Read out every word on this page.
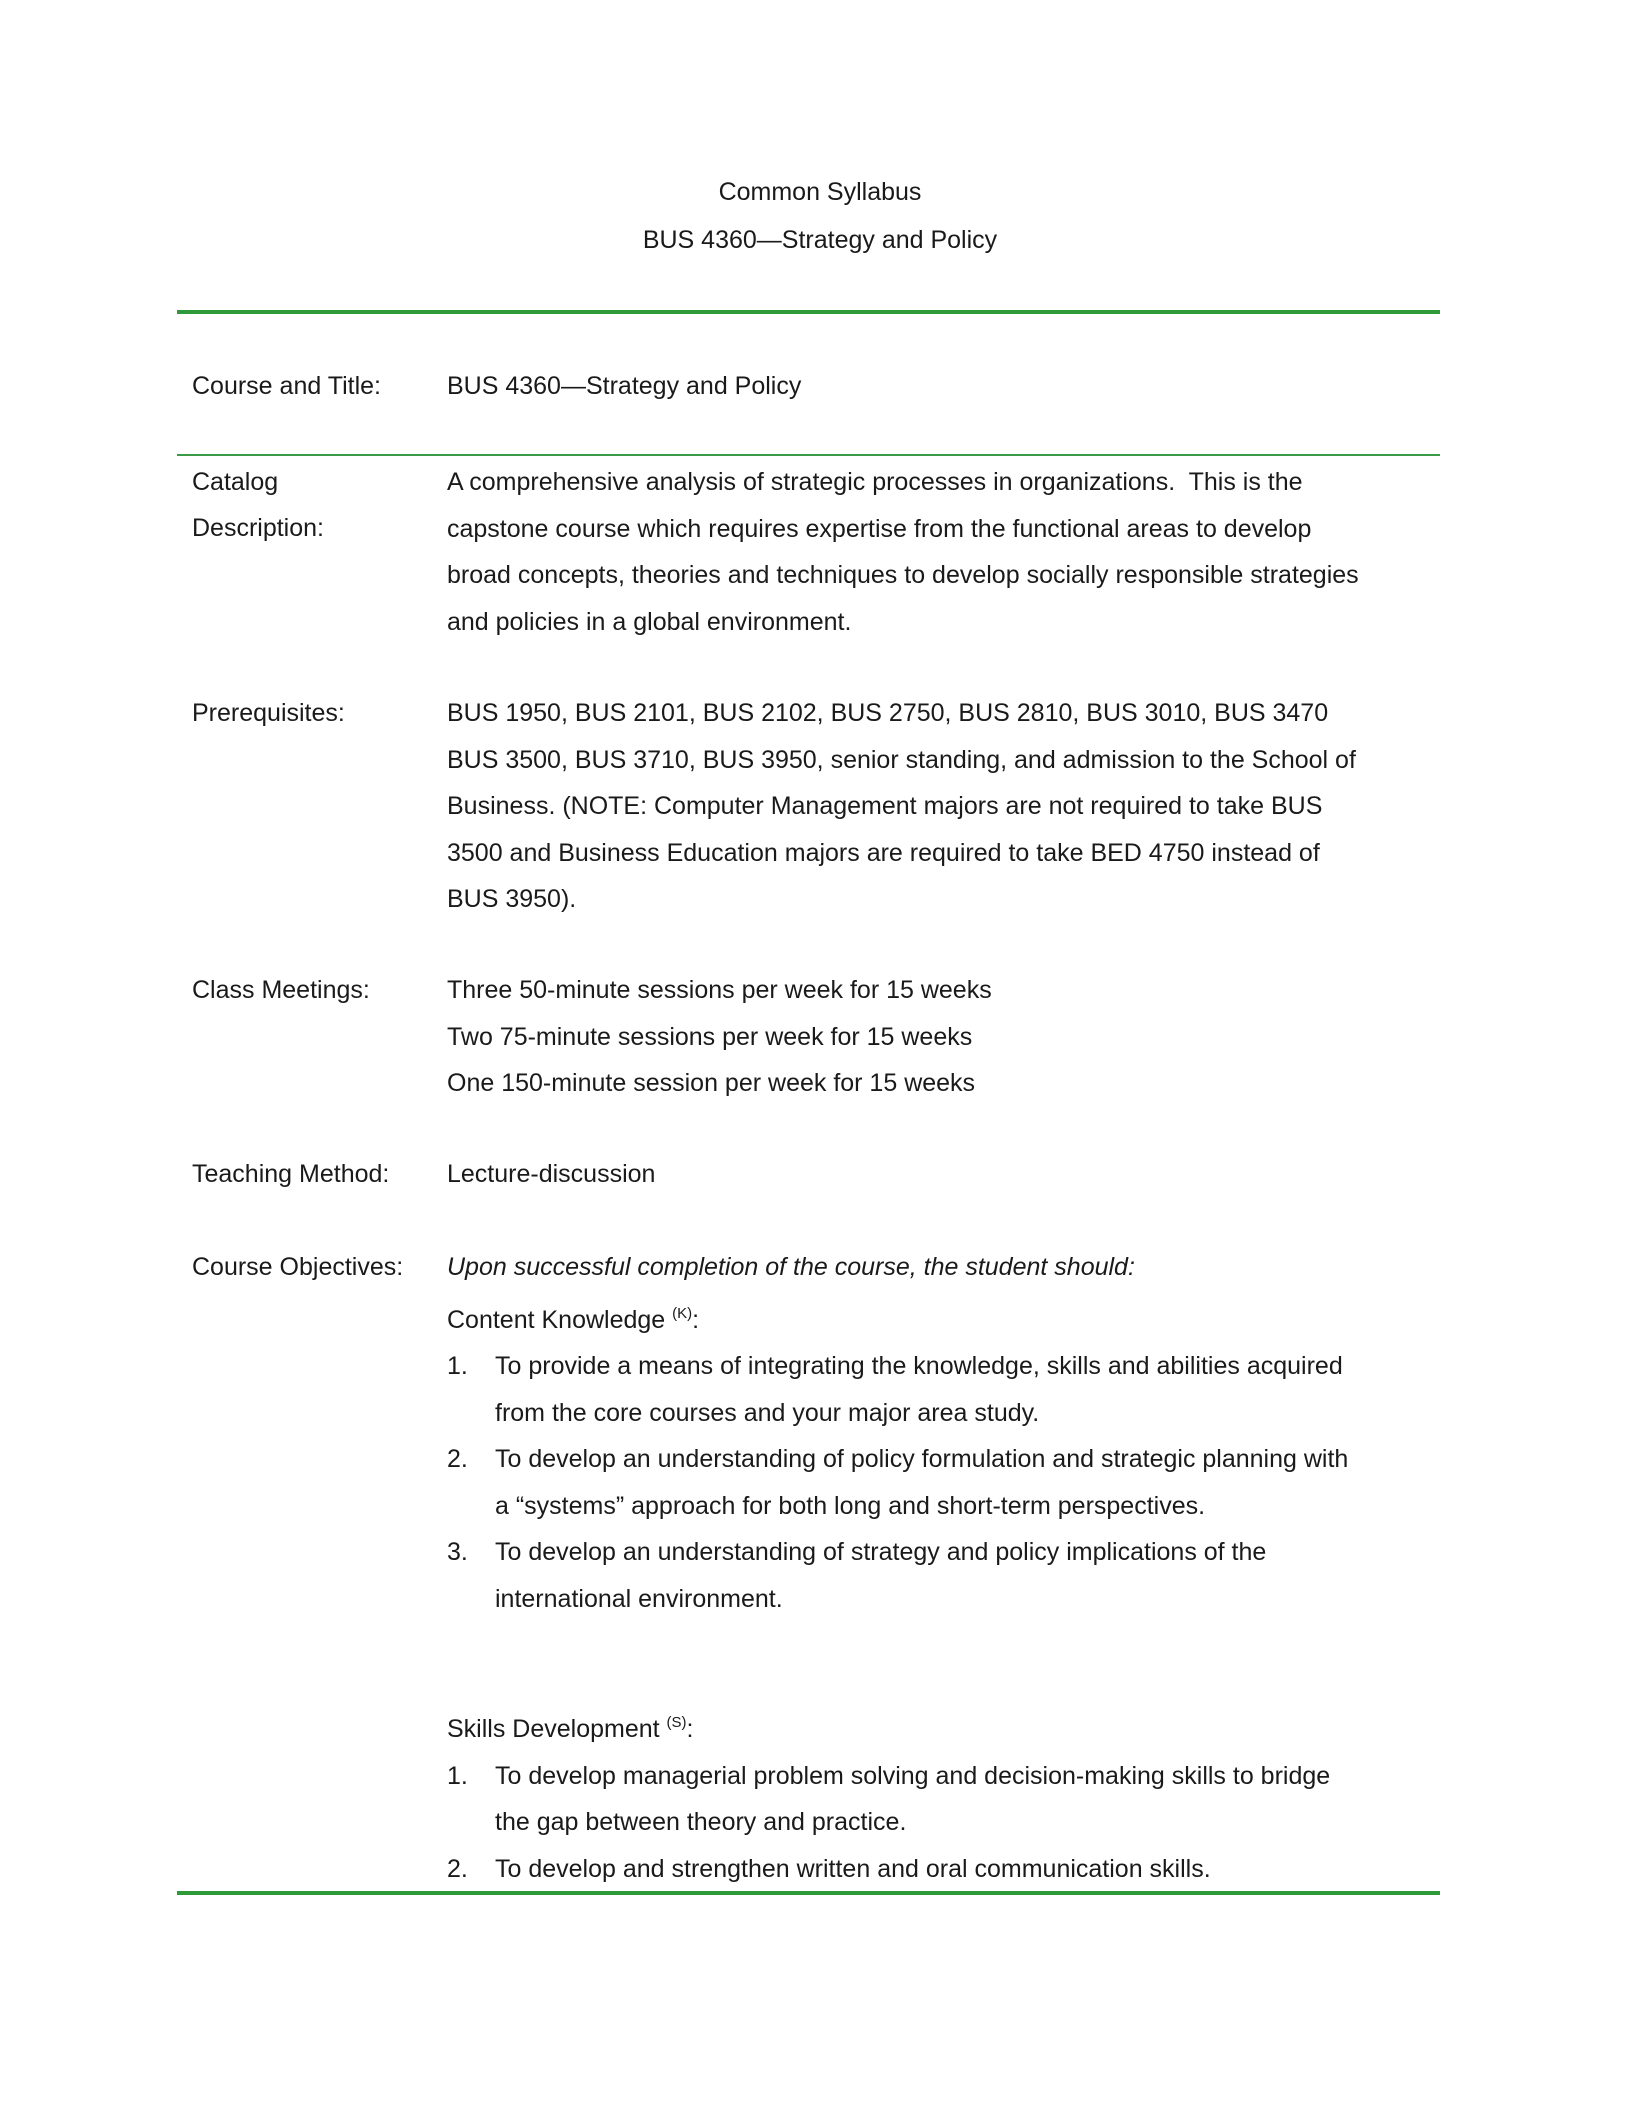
Common Syllabus
BUS 4360—Strategy and Policy
Course and Title:	BUS 4360—Strategy and Policy
Catalog
Description:

A comprehensive analysis of strategic processes in organizations.  This is the

capstone course which requires expertise from the functional areas to develop

broad concepts, theories and techniques to develop socially responsible strategies

and policies in a global environment.

Prerequisites:	BUS 1950, BUS 2101, BUS 2102, BUS 2750, BUS 2810, BUS 3010, BUS 3470

BUS 3500, BUS 3710, BUS 3950, senior standing, and admission to the School of

Business. (NOTE: Computer Management majors are not required to take BUS

3500 and Business Education majors are required to take BED 4750 instead of

BUS 3950).

Class Meetings:	Three 50-minute sessions per week for 15 weeks

Two 75-minute sessions per week for 15 weeks

One 150-minute session per week for 15 weeks

Teaching Method: Lecture-discussion
Course Objectives: Upon successful completion of the course, the student should:

Content Knowledge $^{(K)}$:

1. To provide a means of integrating the knowledge, skills and abilities acquired
from the core courses and your major area study.
2. To develop an understanding of policy formulation and strategic planning with
a “systems” approach for both long and short-term perspectives.
3. To develop an understanding of strategy and policy implications of the
international environment.

Skills Development $^{(S)}$:

1. To develop managerial problem solving and decision-making skills to bridge
the gap between theory and practice.
2. To develop and strengthen written and oral communication skills.
